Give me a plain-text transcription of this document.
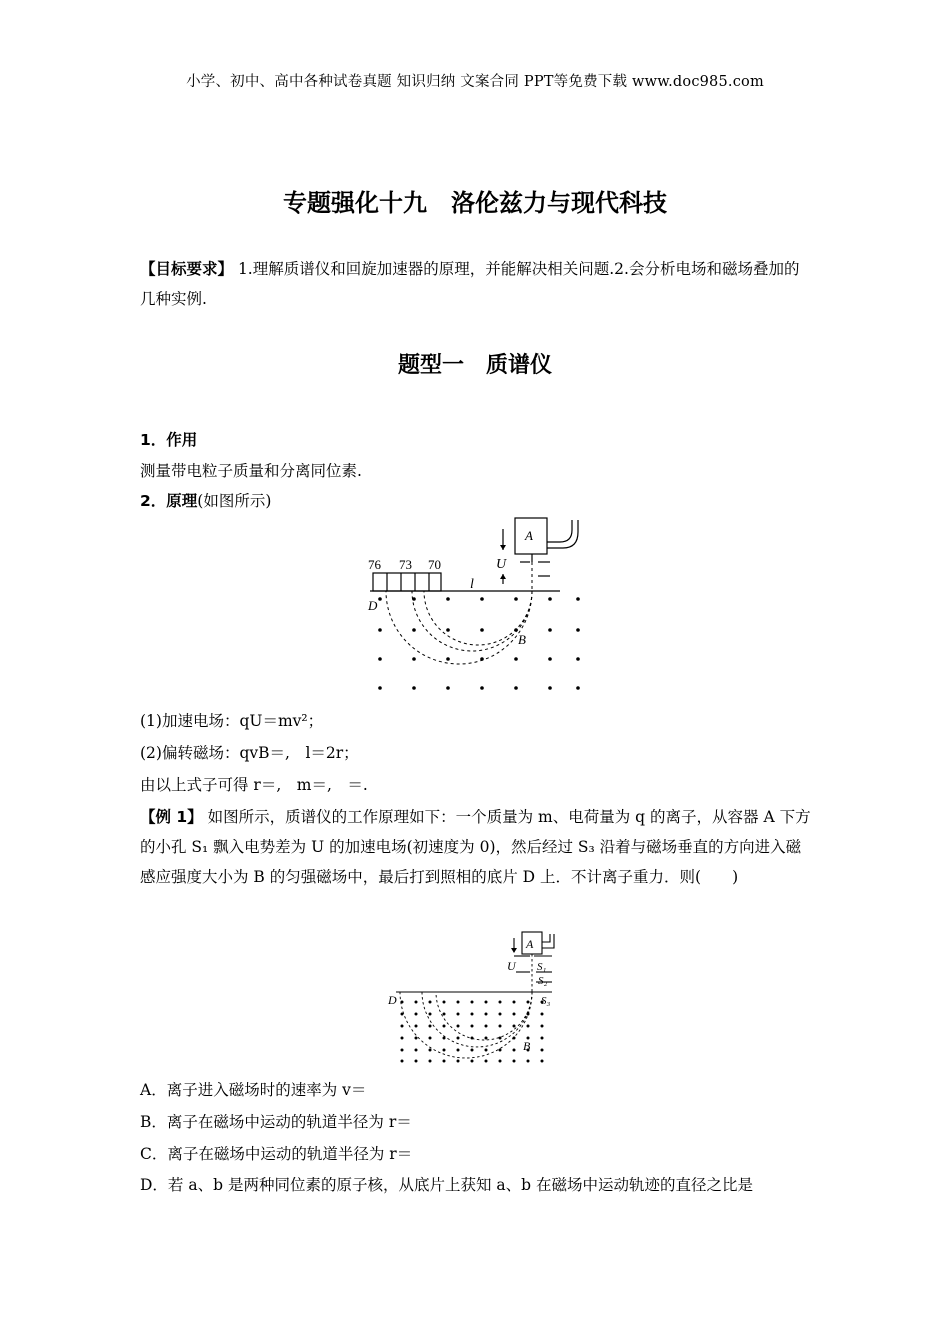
小学、初中、高中各种试卷真题 知识归纳 文案合同 PPT等免费下载 www.doc985.com
专题强化十九　洛伦兹力与现代科技
【目标要求】 1.理解质谱仪和回旋加速器的原理，并能解决相关问题.2.会分析电场和磁场叠加的几种实例.
题型一　质谱仪
1．作用
测量带电粒子质量和分离同位素.
2．原理(如图所示)
76 73 70
l
U
A
D
B
(1)加速电场：qU＝mv²；
(2)偏转磁场：qvB＝,　l＝2r；
由以上式子可得 r＝,　m＝,　＝.
【例 1】 如图所示，质谱仪的工作原理如下：一个质量为 m、电荷量为 q 的离子，从容器 A 下方的小孔 S₁ 飘入电势差为 U 的加速电场(初速度为 0)，然后经过 S₃ 沿着与磁场垂直的方向进入磁感应强度大小为 B 的匀强磁场中，最后打到照相的底片 D 上．不计离子重力．则(　　)
A
U S₁
S₂
S₃
D
B
A．离子进入磁场时的速率为 v＝
B．离子在磁场中运动的轨道半径为 r＝
C．离子在磁场中运动的轨道半径为 r＝
D．若 a、b 是两种同位素的原子核，从底片上获知 a、b 在磁场中运动轨迹的直径之比是
